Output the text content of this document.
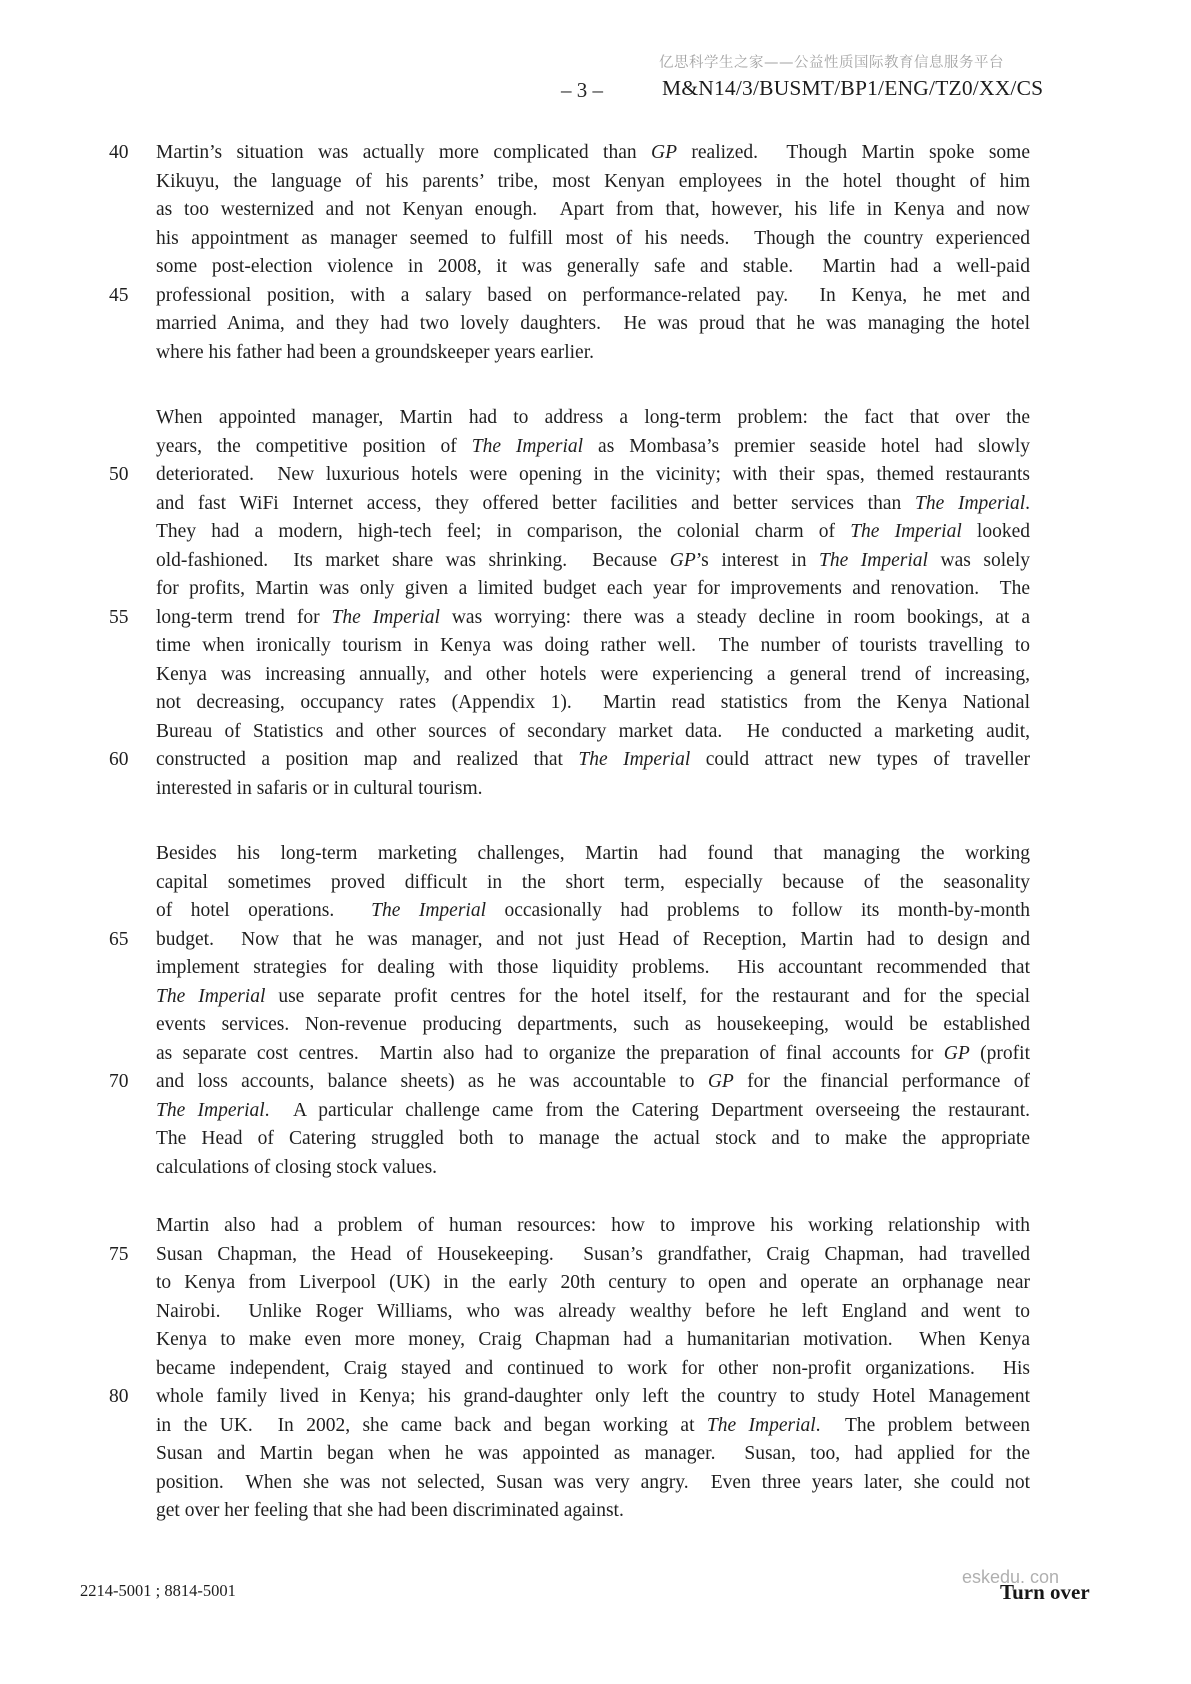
亿思科学生之家——公益性质国际教育信息服务平台
– 3 –	M&N14/3/BUSMT/BP1/ENG/TZ0/XX/CS
40	Martin’s situation was actually more complicated than GP realized.  Though Martin spoke some
Kikuyu, the language of his parents’ tribe, most Kenyan employees in the hotel thought of him
as too westernized and not Kenyan enough.  Apart from that, however, his life in Kenya and now
his appointment as manager seemed to fulfill most of his needs.  Though the country experienced
some post-election violence in 2008, it was generally safe and stable.  Martin had a well-paid
45	professional position, with a salary based on performance-related pay.  In Kenya, he met and
married Anima, and they had two lovely daughters.  He was proud that he was managing the hotel
where his father had been a groundskeeper years earlier.
When appointed manager, Martin had to address a long-term problem: the fact that over the
years, the competitive position of The Imperial as Mombasa’s premier seaside hotel had slowly
50	deteriorated.  New luxurious hotels were opening in the vicinity; with their spas, themed restaurants
and fast WiFi Internet access, they offered better facilities and better services than The Imperial.
They had a modern, high-tech feel; in comparison, the colonial charm of The Imperial looked
old-fashioned.  Its market share was shrinking.  Because GP’s interest in The Imperial was solely
for profits, Martin was only given a limited budget each year for improvements and renovation.  The
55	long-term trend for The Imperial was worrying: there was a steady decline in room bookings, at a
time when ironically tourism in Kenya was doing rather well.  The number of tourists travelling to
Kenya was increasing annually, and other hotels were experiencing a general trend of increasing,
not decreasing, occupancy rates (Appendix 1).  Martin read statistics from the Kenya National
Bureau of Statistics and other sources of secondary market data.  He conducted a marketing audit,
60	constructed a position map and realized that The Imperial could attract new types of traveller
interested in safaris or in cultural tourism.
Besides his long-term marketing challenges, Martin had found that managing the working
capital sometimes proved difficult in the short term, especially because of the seasonality
of hotel operations.  The Imperial occasionally had problems to follow its month-by-month
65	budget.  Now that he was manager, and not just Head of Reception, Martin had to design and
implement strategies for dealing with those liquidity problems.  His accountant recommended that
The Imperial use separate profit centres for the hotel itself, for the restaurant and for the special
events services. Non-revenue producing departments, such as housekeeping, would be established
as separate cost centres.  Martin also had to organize the preparation of final accounts for GP (profit
70	and loss accounts, balance sheets) as he was accountable to GP for the financial performance of
The Imperial.  A particular challenge came from the Catering Department overseeing the restaurant.
The Head of Catering struggled both to manage the actual stock and to make the appropriate
calculations of closing stock values.
Martin also had a problem of human resources: how to improve his working relationship with
75	Susan Chapman, the Head of Housekeeping.  Susan’s grandfather, Craig Chapman, had travelled
to Kenya from Liverpool (UK) in the early 20th century to open and operate an orphanage near
Nairobi.  Unlike Roger Williams, who was already wealthy before he left England and went to
Kenya to make even more money, Craig Chapman had a humanitarian motivation.  When Kenya
became independent, Craig stayed and continued to work for other non-profit organizations.  His
80	whole family lived in Kenya; his grand-daughter only left the country to study Hotel Management
in the UK.  In 2002, she came back and began working at The Imperial.  The problem between
Susan and Martin began when he was appointed as manager.  Susan, too, had applied for the
position.  When she was not selected, Susan was very angry.  Even three years later, she could not
get over her feeling that she had been discriminated against.
2214-5001 ; 8814-5001
eskedu. con
Turn over
